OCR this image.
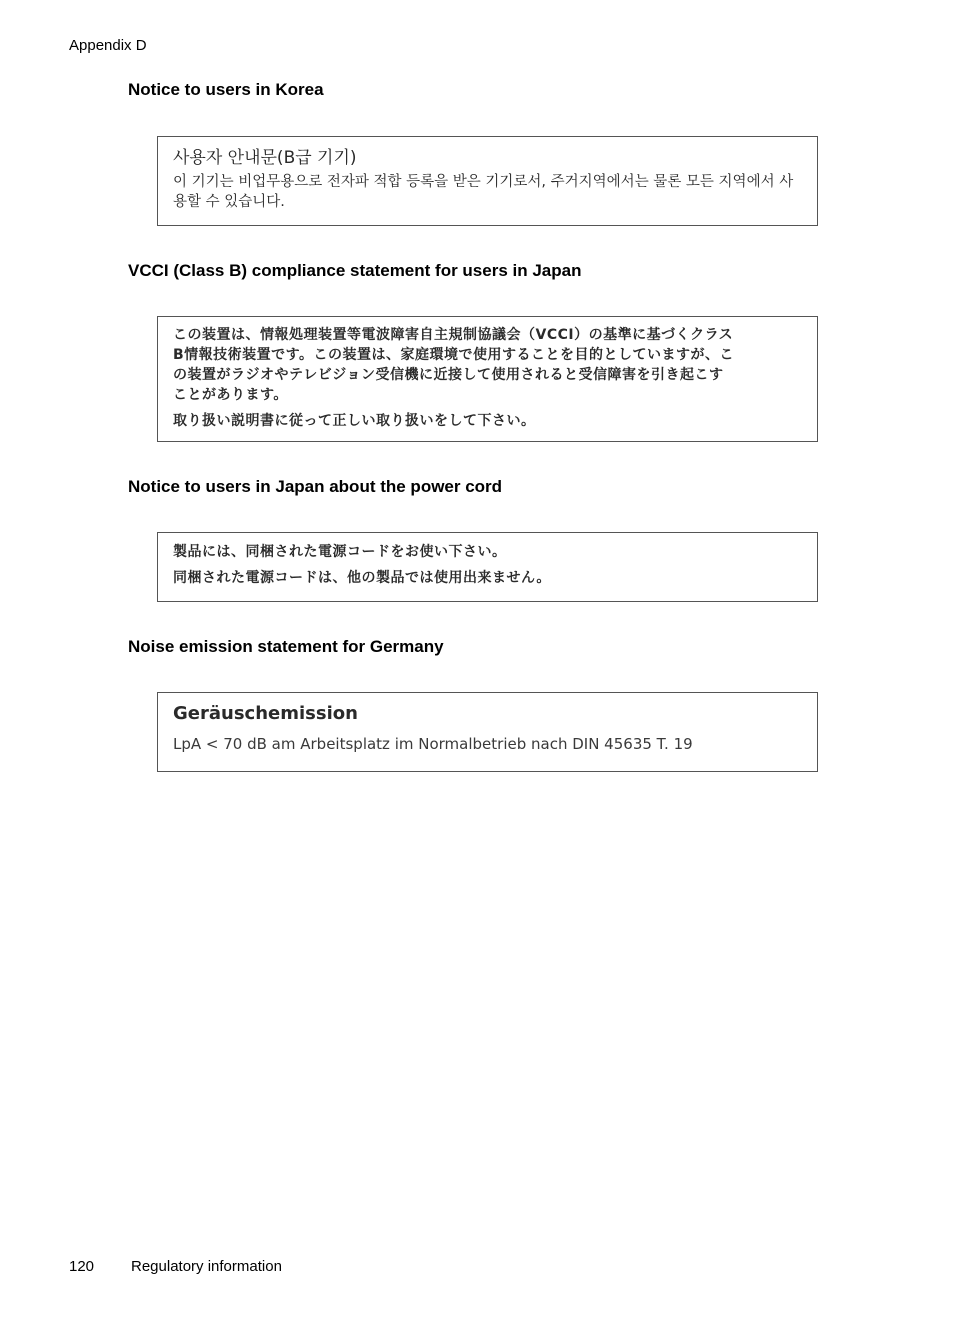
Appendix D
Notice to users in Korea
사용자 안내문(B급 기기)
이 기기는 비업무용으로 전자파 적합 등록을 받은 기기로서, 주거지역에서는 물론 모든 지역에서 사용할 수 있습니다.
VCCI (Class B) compliance statement for users in Japan
この装置は、情報処理装置等電波障害自主規制協議会（VCCI）の基準に基づくクラス
B情報技術装置です。この装置は、家庭環境で使用することを目的としていますが、こ
の装置がラジオやテレビジョン受信機に近接して使用されると受信障害を引き起こす
ことがあります。
取り扱い説明書に従って正しい取り扱いをして下さい。
Notice to users in Japan about the power cord
製品には、同梱された電源コードをお使い下さい。
同梱された電源コードは、他の製品では使用出来ません。
Noise emission statement for Germany
Geräuschemission
LpA < 70 dB am Arbeitsplatz im Normalbetrieb nach DIN 45635 T. 19
120 Regulatory information
